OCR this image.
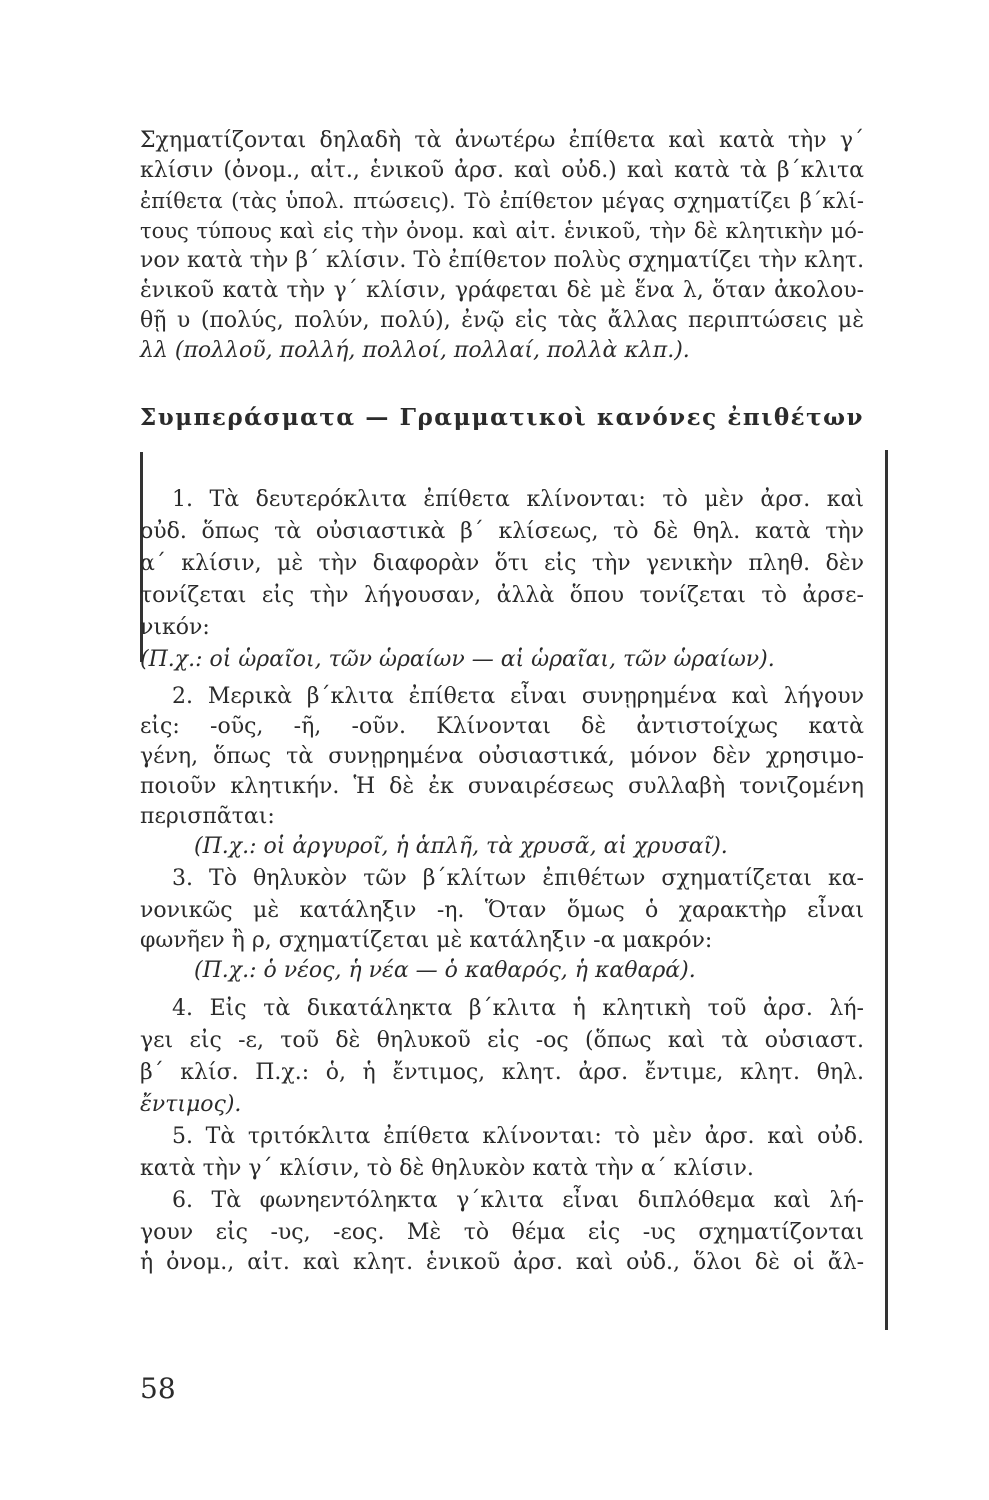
Σχηματίζονται δηλαδὴ τὰ ἀνωτέρω ἐπίθετα καὶ κατὰ τὴν γ΄
κλίσιν (ὀνομ., αἰτ., ἑνικοῦ ἀρσ. καὶ οὐδ.) καὶ κατὰ τὰ β΄κλιτα
ἐπίθετα (τὰς ὑπολ. πτώσεις). Τὸ ἐπίθετον μέγας σχηματίζει β΄κλί-
τους τύπους καὶ εἰς τὴν ὀνομ. καὶ αἰτ. ἑνικοῦ, τὴν δὲ κλητικὴν μό-
νον κατὰ τὴν β΄ κλίσιν. Τὸ ἐπίθετον πολὺς σχηματίζει τὴν κλητ.
ἑνικοῦ κατὰ τὴν γ΄ κλίσιν, γράφεται δὲ μὲ ἕνα λ, ὅταν ἀκολου-
θῇ υ (πολύς, πολύν, πολύ), ἐνῷ εἰς τὰς ἄλλας περιπτώσεις μὲ
λλ (πολλοῦ, πολλή, πολλοί, πολλαί, πολλὰ κλπ.).
Συμπεράσματα — Γραμματικοὶ κανόνες ἐπιθέτων
1. Τὰ δευτερόκλιτα ἐπίθετα κλίνονται: τὸ μὲν ἀρσ. καὶ
οὐδ. ὅπως τὰ οὐσιαστικὰ β΄ κλίσεως, τὸ δὲ θηλ. κατὰ τὴν
α΄ κλίσιν, μὲ τὴν διαφορὰν ὅτι εἰς τὴν γενικὴν πληθ. δὲν
τονίζεται εἰς τὴν λήγουσαν, ἀλλὰ ὅπου τονίζεται τὸ ἀρσε-
νικόν:
(Π.χ.: οἱ ὡραῖοι, τῶν ὡραίων — αἱ ὡραῖαι, τῶν ὡραίων).
2. Μερικὰ β΄κλιτα ἐπίθετα εἶναι συνῃρημένα καὶ λήγουν
εἰς: -οῦς, -ῆ, -οῦν. Κλίνονται δὲ ἀντιστοίχως κατὰ
γένη, ὅπως τὰ συνῃρημένα οὐσιαστικά, μόνον δὲν χρησιμο-
ποιοῦν κλητικήν. Ἡ δὲ ἐκ συναιρέσεως συλλαβὴ τονιζομένη
περισπᾶται:
(Π.χ.: οἱ ἀργυροῖ, ἡ ἁπλῆ, τὰ χρυσᾶ, αἱ χρυσαῖ).
3. Τὸ θηλυκὸν τῶν β΄κλίτων ἐπιθέτων σχηματίζεται κα-
νονικῶς μὲ κατάληξιν -η. Ὅταν ὅμως ὁ χαρακτὴρ εἶναι
φωνῆεν ἢ ρ, σχηματίζεται μὲ κατάληξιν -α μακρόν:
(Π.χ.: ὁ νέος, ἡ νέα — ὁ καθαρός, ἡ καθαρά).
4. Εἰς τὰ δικατάληκτα β΄κλιτα ἡ κλητικὴ τοῦ ἀρσ. λή-
γει εἰς -ε, τοῦ δὲ θηλυκοῦ εἰς -ος (ὅπως καὶ τὰ οὐσιαστ.
β΄ κλίσ. Π.χ.: ὁ, ἡ ἔντιμος, κλητ. ἀρσ. ἔντιμε, κλητ. θηλ.
ἔντιμος).
5. Τὰ τριτόκλιτα ἐπίθετα κλίνονται: τὸ μὲν ἀρσ. καὶ οὐδ.
κατὰ τὴν γ΄ κλίσιν, τὸ δὲ θηλυκὸν κατὰ τὴν α΄ κλίσιν.
6. Τὰ φωνηεντόληκτα γ΄κλιτα εἶναι διπλόθεμα καὶ λή-
γουν εἰς -υς, -εος. Μὲ τὸ θέμα εἰς -υς σχηματίζονται
ἡ ὀνομ., αἰτ. καὶ κλητ. ἑνικοῦ ἀρσ. καὶ οὐδ., ὅλοι δὲ οἱ ἄλ-
58
